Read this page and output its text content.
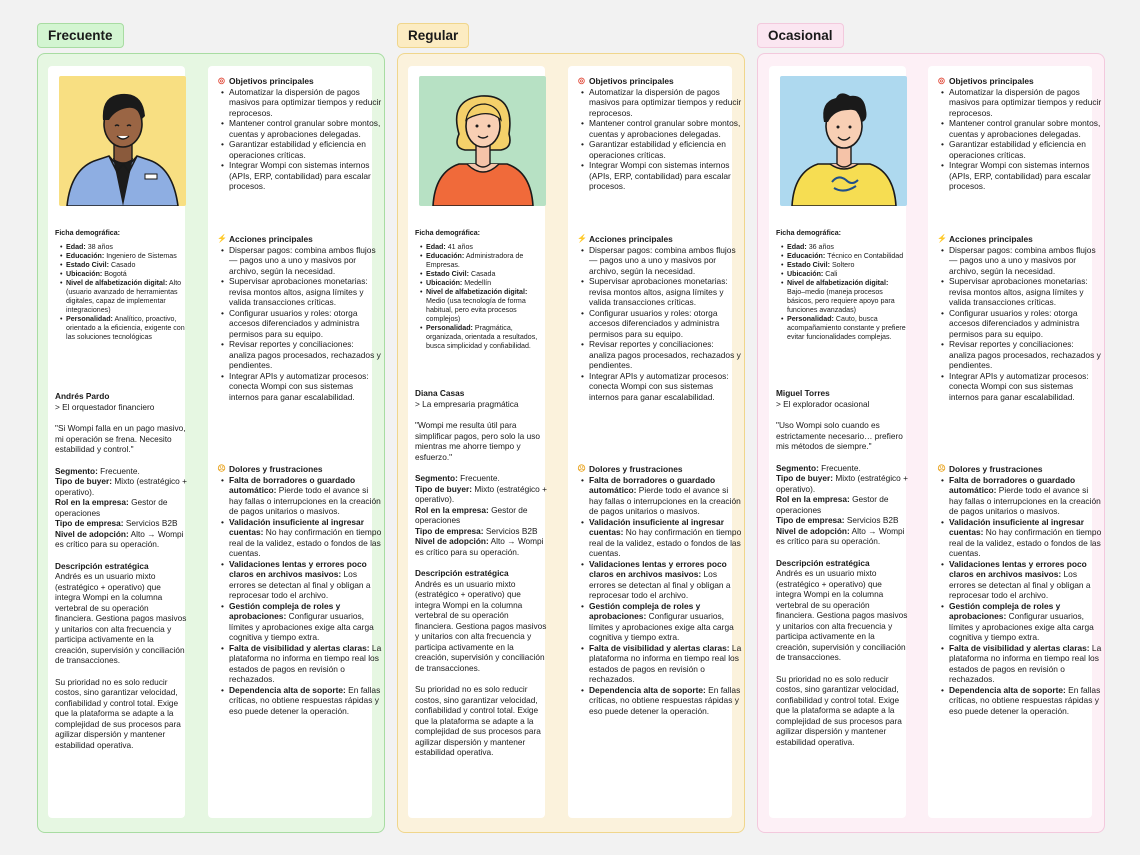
Frecuente
Ficha demográfica:
• Edad: 38 años
• Educación: Ingeniero de Sistemas
• Estado Civil: Casado
• Ubicación: Bogotá
• Nivel de alfabetización digital: Alto (usuario avanzado de herramientas digitales, capaz de implementar integraciones)
• Personalidad: Analítico, proactivo, orientado a la eficiencia, exigente con las soluciones tecnológicas
Andrés Pardo
> El orquestador financiero
"Si Wompi falla en un pago masivo, mi operación se frena. Necesito estabilidad y control."
Segmento: Frecuente.
Tipo de buyer: Mixto (estratégico + operativo).
Rol en la empresa: Gestor de operaciones
Tipo de empresa: Servicios B2B
Nivel de adopción: Alto → Wompi es crítico para su operación.
Descripción estratégica
Andrés es un usuario mixto (estratégico + operativo) que integra Wompi en la columna vertebral de su operación financiera. Gestiona pagos masivos y unitarios con alta frecuencia y participa activamente en la creación, supervisión y conciliación de transacciones.
Su prioridad no es solo reducir costos, sino garantizar velocidad, confiabilidad y control total. Exige que la plataforma se adapte a la complejidad de sus procesos para agilizar dispersión y mantener estabilidad operativa.
◎ Objetivos principales
• Automatizar la dispersión de pagos masivos para optimizar tiempos y reducir reprocesos.
• Mantener control granular sobre montos, cuentas y aprobaciones delegadas.
• Garantizar estabilidad y eficiencia en operaciones críticas.
• Integrar Wompi con sistemas internos (APIs, ERP, contabilidad) para escalar procesos.
⚡ Acciones principales
• Dispersar pagos: combina ambos flujos — pagos uno a uno y masivos por archivo, según la necesidad.
• Supervisar aprobaciones monetarias: revisa montos altos, asigna límites y valida transacciones críticas.
• Configurar usuarios y roles: otorga accesos diferenciados y administra permisos para su equipo.
• Revisar reportes y conciliaciones: analiza pagos procesados, rechazados y pendientes.
• Integrar APIs y automatizar procesos: conecta Wompi con sus sistemas internos para ganar escalabilidad.
☹ Dolores y frustraciones
• Falta de borradores o guardado automático: Pierde todo el avance si hay fallas o interrupciones en la creación de pagos unitarios o masivos.
• Validación insuficiente al ingresar cuentas: No hay confirmación en tiempo real de la validez, estado o fondos de las cuentas.
• Validaciones lentas y errores poco claros en archivos masivos: Los errores se detectan al final y obligan a reprocesar todo el archivo.
• Gestión compleja de roles y aprobaciones: Configurar usuarios, límites y aprobaciones exige alta carga cognitiva y tiempo extra.
• Falta de visibilidad y alertas claras: La plataforma no informa en tiempo real los estados de pagos en revisión o rechazados.
• Dependencia alta de soporte: En fallas críticas, no obtiene respuestas rápidas y eso puede detener la operación.
Regular
Ficha demográfica:
• Edad: 41 años
• Educación: Administradora de Empresas.
• Estado Civil: Casada
• Ubicación: Medellín
• Nivel de alfabetización digital: Medio (usa tecnología de forma habitual, pero evita procesos complejos)
• Personalidad: Pragmática, organizada, orientada a resultados, busca simplicidad y confiabilidad.
Diana Casas
> La empresaria pragmática
"Wompi me resulta útil para simplificar pagos, pero solo la uso mientras me ahorre tiempo y esfuerzo."
Segmento: Frecuente.
Tipo de buyer: Mixto (estratégico + operativo).
Rol en la empresa: Gestor de operaciones
Tipo de empresa: Servicios B2B
Nivel de adopción: Alto → Wompi es crítico para su operación.
Descripción estratégica
Andrés es un usuario mixto (estratégico + operativo) que integra Wompi en la columna vertebral de su operación financiera. Gestiona pagos masivos y unitarios con alta frecuencia y participa activamente en la creación, supervisión y conciliación de transacciones.
Su prioridad no es solo reducir costos, sino garantizar velocidad, confiabilidad y control total. Exige que la plataforma se adapte a la complejidad de sus procesos para agilizar dispersión y mantener estabilidad operativa.
◎ Objetivos principales
• Automatizar la dispersión de pagos masivos para optimizar tiempos y reducir reprocesos.
• Mantener control granular sobre montos, cuentas y aprobaciones delegadas.
• Garantizar estabilidad y eficiencia en operaciones críticas.
• Integrar Wompi con sistemas internos (APIs, ERP, contabilidad) para escalar procesos.
⚡ Acciones principales
• Dispersar pagos: combina ambos flujos — pagos uno a uno y masivos por archivo, según la necesidad.
• Supervisar aprobaciones monetarias: revisa montos altos, asigna límites y valida transacciones críticas.
• Configurar usuarios y roles: otorga accesos diferenciados y administra permisos para su equipo.
• Revisar reportes y conciliaciones: analiza pagos procesados, rechazados y pendientes.
• Integrar APIs y automatizar procesos: conecta Wompi con sus sistemas internos para ganar escalabilidad.
☹ Dolores y frustraciones
• Falta de borradores o guardado automático: Pierde todo el avance si hay fallas o interrupciones en la creación de pagos unitarios o masivos.
• Validación insuficiente al ingresar cuentas: No hay confirmación en tiempo real de la validez, estado o fondos de las cuentas.
• Validaciones lentas y errores poco claros en archivos masivos: Los errores se detectan al final y obligan a reprocesar todo el archivo.
• Gestión compleja de roles y aprobaciones: Configurar usuarios, límites y aprobaciones exige alta carga cognitiva y tiempo extra.
• Falta de visibilidad y alertas claras: La plataforma no informa en tiempo real los estados de pagos en revisión o rechazados.
• Dependencia alta de soporte: En fallas críticas, no obtiene respuestas rápidas y eso puede detener la operación.
Ocasional
Ficha demográfica:
• Edad: 36 años
• Educación: Técnico en Contabilidad
• Estado Civil: Soltero
• Ubicación: Cali
• Nivel de alfabetización digital: Bajo–medio (maneja procesos básicos, pero requiere apoyo para funciones avanzadas)
• Personalidad: Cauto, busca acompañamiento constante y prefiere evitar funcionalidades complejas.
Miguel Torres
> El explorador ocasional
"Uso Wompi solo cuando es estrictamente necesario… prefiero mis métodos de siempre."
Segmento: Frecuente.
Tipo de buyer: Mixto (estratégico + operativo).
Rol en la empresa: Gestor de operaciones
Tipo de empresa: Servicios B2B
Nivel de adopción: Alto → Wompi es crítico para su operación.
Descripción estratégica
Andrés es un usuario mixto (estratégico + operativo) que integra Wompi en la columna vertebral de su operación financiera. Gestiona pagos masivos y unitarios con alta frecuencia y participa activamente en la creación, supervisión y conciliación de transacciones.
Su prioridad no es solo reducir costos, sino garantizar velocidad, confiabilidad y control total. Exige que la plataforma se adapte a la complejidad de sus procesos para agilizar dispersión y mantener estabilidad operativa.
◎ Objetivos principales
• Automatizar la dispersión de pagos masivos para optimizar tiempos y reducir reprocesos.
• Mantener control granular sobre montos, cuentas y aprobaciones delegadas.
• Garantizar estabilidad y eficiencia en operaciones críticas.
• Integrar Wompi con sistemas internos (APIs, ERP, contabilidad) para escalar procesos.
⚡ Acciones principales
• Dispersar pagos: combina ambos flujos — pagos uno a uno y masivos por archivo, según la necesidad.
• Supervisar aprobaciones monetarias: revisa montos altos, asigna límites y valida transacciones críticas.
• Configurar usuarios y roles: otorga accesos diferenciados y administra permisos para su equipo.
• Revisar reportes y conciliaciones: analiza pagos procesados, rechazados y pendientes.
• Integrar APIs y automatizar procesos: conecta Wompi con sus sistemas internos para ganar escalabilidad.
☹ Dolores y frustraciones
• Falta de borradores o guardado automático: Pierde todo el avance si hay fallas o interrupciones en la creación de pagos unitarios o masivos.
• Validación insuficiente al ingresar cuentas: No hay confirmación en tiempo real de la validez, estado o fondos de las cuentas.
• Validaciones lentas y errores poco claros en archivos masivos: Los errores se detectan al final y obligan a reprocesar todo el archivo.
• Gestión compleja de roles y aprobaciones: Configurar usuarios, límites y aprobaciones exige alta carga cognitiva y tiempo extra.
• Falta de visibilidad y alertas claras: La plataforma no informa en tiempo real los estados de pagos en revisión o rechazados.
• Dependencia alta de soporte: En fallas críticas, no obtiene respuestas rápidas y eso puede detener la operación.
